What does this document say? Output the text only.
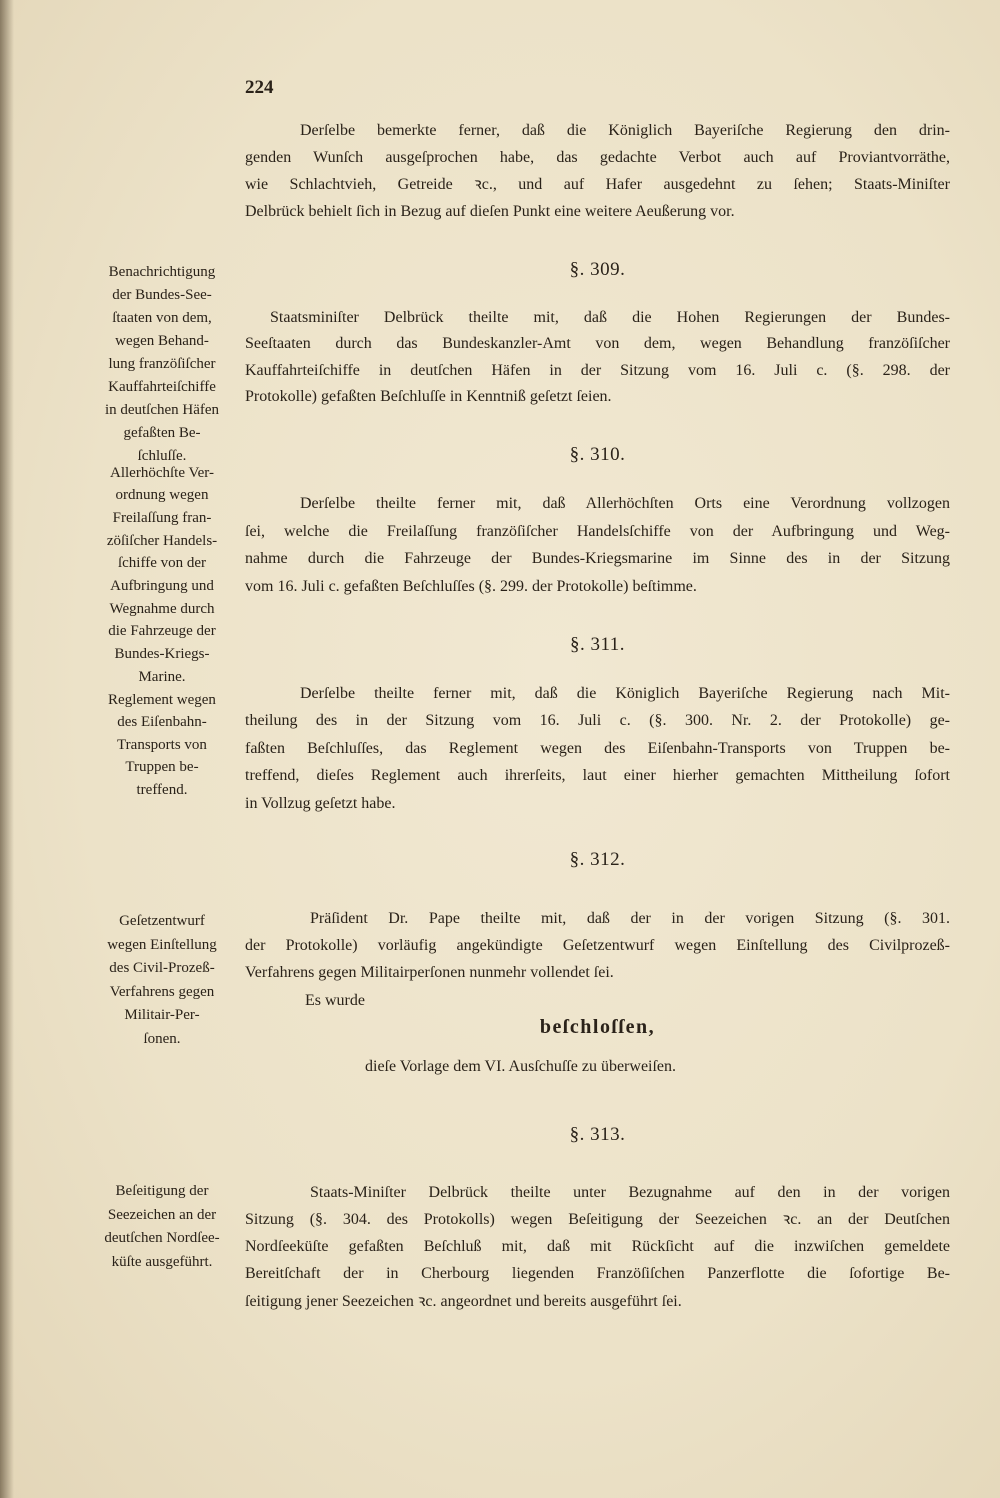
224
Derſelbe bemerkte ferner, daß die Königlich Bayeriſche Regierung den drin-
genden Wunſch ausgeſprochen habe, das gedachte Verbot auch auf Proviantvorräthe,
wie Schlachtvieh, Getreide ꝛc., und auf Hafer ausgedehnt zu ſehen; Staats-Miniſter
Delbrück behielt ſich in Bezug auf dieſen Punkt eine weitere Aeußerung vor.
§. 309.
Benachrichtigung
der Bundes-See-
ſtaaten von dem,
wegen Behand-
lung franzöſiſcher
Kauffahrteiſchiffe
in deutſchen Häfen
gefaßten Be-
ſchluſſe.
Staatsminiſter Delbrück theilte mit, daß die Hohen Regierungen der Bundes-
Seeſtaaten durch das Bundeskanzler-Amt von dem, wegen Behandlung franzöſiſcher
Kauffahrteiſchiffe in deutſchen Häfen in der Sitzung vom 16. Juli c. (§. 298. der
Protokolle) gefaßten Beſchluſſe in Kenntniß geſetzt ſeien.
§. 310.
Allerhöchſte Ver-
ordnung wegen
Freilaſſung fran-
zöſiſcher Handels-
ſchiffe von der
Aufbringung und
Wegnahme durch
die Fahrzeuge der
Bundes-Kriegs-
Marine.
Derſelbe theilte ferner mit, daß Allerhöchſten Orts eine Verordnung vollzogen
ſei, welche die Freilaſſung franzöſiſcher Handelsſchiffe von der Aufbringung und Weg-
nahme durch die Fahrzeuge der Bundes-Kriegsmarine im Sinne des in der Sitzung
vom 16. Juli c. gefaßten Beſchluſſes (§. 299. der Protokolle) beſtimme.
§. 311.
Reglement wegen
des Eiſenbahn-
Transports von
Truppen be-
treffend.
Derſelbe theilte ferner mit, daß die Königlich Bayeriſche Regierung nach Mit-
theilung des in der Sitzung vom 16. Juli c. (§. 300. Nr. 2. der Protokolle) ge-
faßten Beſchluſſes, das Reglement wegen des Eiſenbahn-Transports von Truppen be-
treffend, dieſes Reglement auch ihrerſeits, laut einer hierher gemachten Mittheilung ſofort
in Vollzug geſetzt habe.
§. 312.
Geſetzentwurf
wegen Einſtellung
des Civil-Prozeß-
Verfahrens gegen
Militair-Per-
ſonen.
Präſident Dr. Pape theilte mit, daß der in der vorigen Sitzung (§. 301.
der Protokolle) vorläufig angekündigte Geſetzentwurf wegen Einſtellung des Civilprozeß-
Verfahrens gegen Militairperſonen nunmehr vollendet ſei.
Es wurde
beſchloſſen,
dieſe Vorlage dem VI. Ausſchuſſe zu überweiſen.
§. 313.
Beſeitigung der
Seezeichen an der
deutſchen Nordſee-
küſte ausgeführt.
Staats-Miniſter Delbrück theilte unter Bezugnahme auf den in der vorigen
Sitzung (§. 304. des Protokolls) wegen Beſeitigung der Seezeichen ꝛc. an der Deutſchen
Nordſeeküſte gefaßten Beſchluß mit, daß mit Rückſicht auf die inzwiſchen gemeldete
Bereitſchaft der in Cherbourg liegenden Franzöſiſchen Panzerflotte die ſofortige Be-
ſeitigung jener Seezeichen ꝛc. angeordnet und bereits ausgeführt ſei.
